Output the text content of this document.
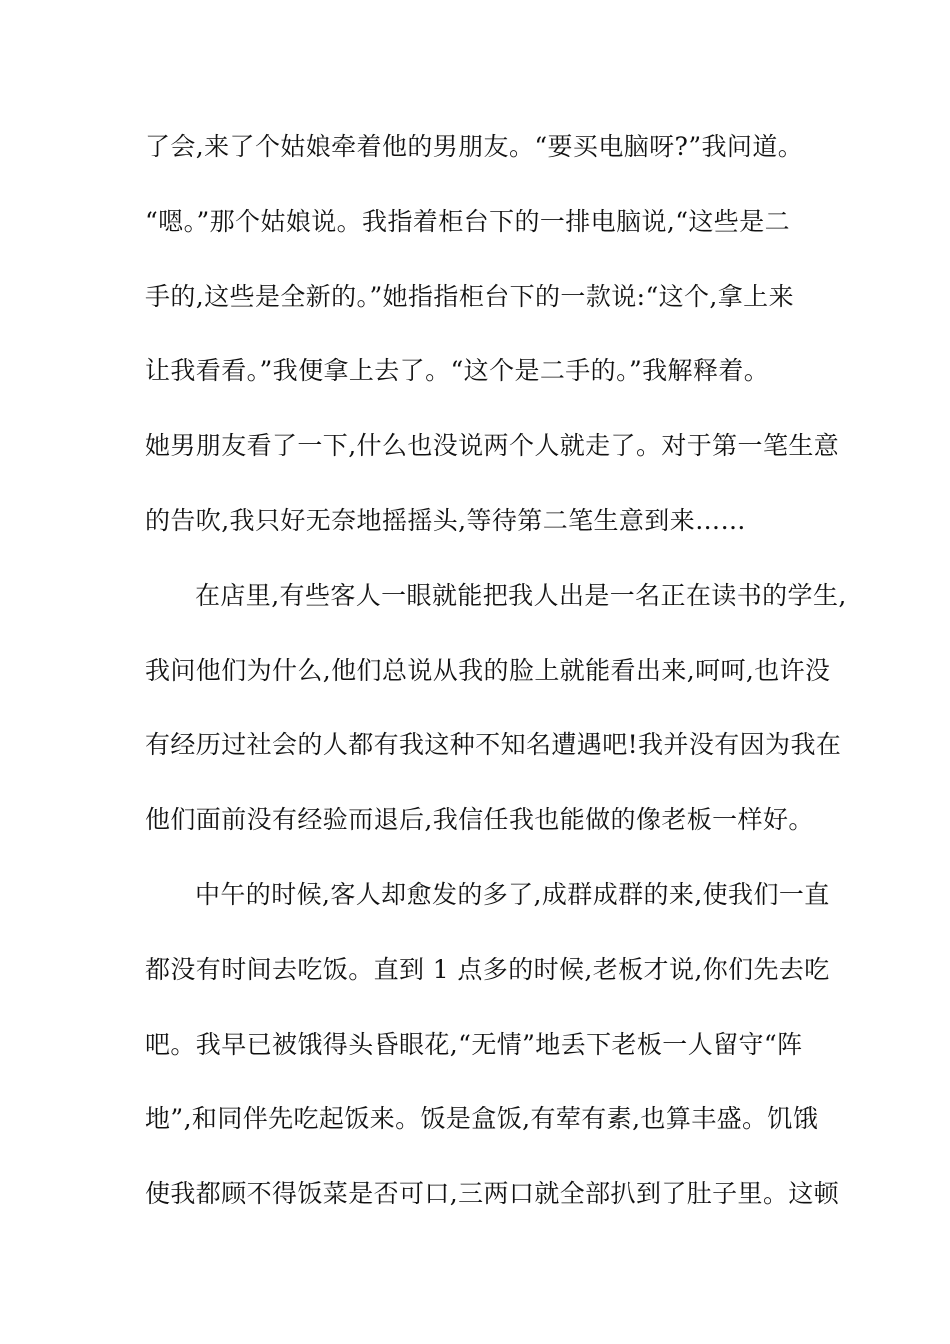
了会,来了个姑娘牵着他的男朋友。“要买电脑呀?”我问道。
“嗯。”那个姑娘说。我指着柜台下的一排电脑说,“这些是二
手的,这些是全新的。”她指指柜台下的一款说:“这个,拿上来
让我看看。”我便拿上去了。“这个是二手的。”我解释着。
她男朋友看了一下,什么也没说两个人就走了。对于第一笔生意
的告吹,我只好无奈地摇摇头,等待第二笔生意到来……
在店里,有些客人一眼就能把我人出是一名正在读书的学生,
我问他们为什么,他们总说从我的脸上就能看出来,呵呵,也许没
有经历过社会的人都有我这种不知名遭遇吧!我并没有因为我在
他们面前没有经验而退后,我信任我也能做的像老板一样好。
中午的时候,客人却愈发的多了,成群成群的来,使我们一直
都没有时间去吃饭。直到 1 点多的时候,老板才说,你们先去吃
吧。我早已被饿得头昏眼花,“无情”地丢下老板一人留守“阵
地”,和同伴先吃起饭来。饭是盒饭,有荤有素,也算丰盛。饥饿
使我都顾不得饭菜是否可口,三两口就全部扒到了肚子里。这顿
